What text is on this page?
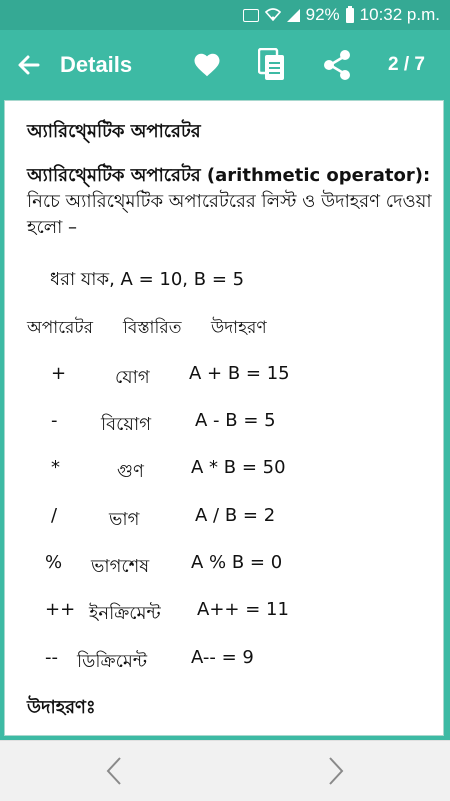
92% 10:32 p.m.
Details	2 / 7
অ্যারিথ্মেটিক অপারেটর
অ্যারিথ্মেটিক অপারেটর (arithmetic operator): নিচে অ্যারিথ্মেটিক অপারেটরের লিস্ট ও উদাহরণ দেওয়া হলো –
ধরা যাক, A = 10, B = 5
অপারেটর বিস্তারিত উদাহরণ
+	যোগ A + B = 15
- বিয়োগ A - B = 5
*	গুণ	A * B = 50
/	ভাগ	A / B = 2
% ভাগশেষ A % B = 0
++ ইনক্রিমেন্ট A++ = 11
-- ডিক্রিমেন্ট A-- = 9
উদাহরণঃ
